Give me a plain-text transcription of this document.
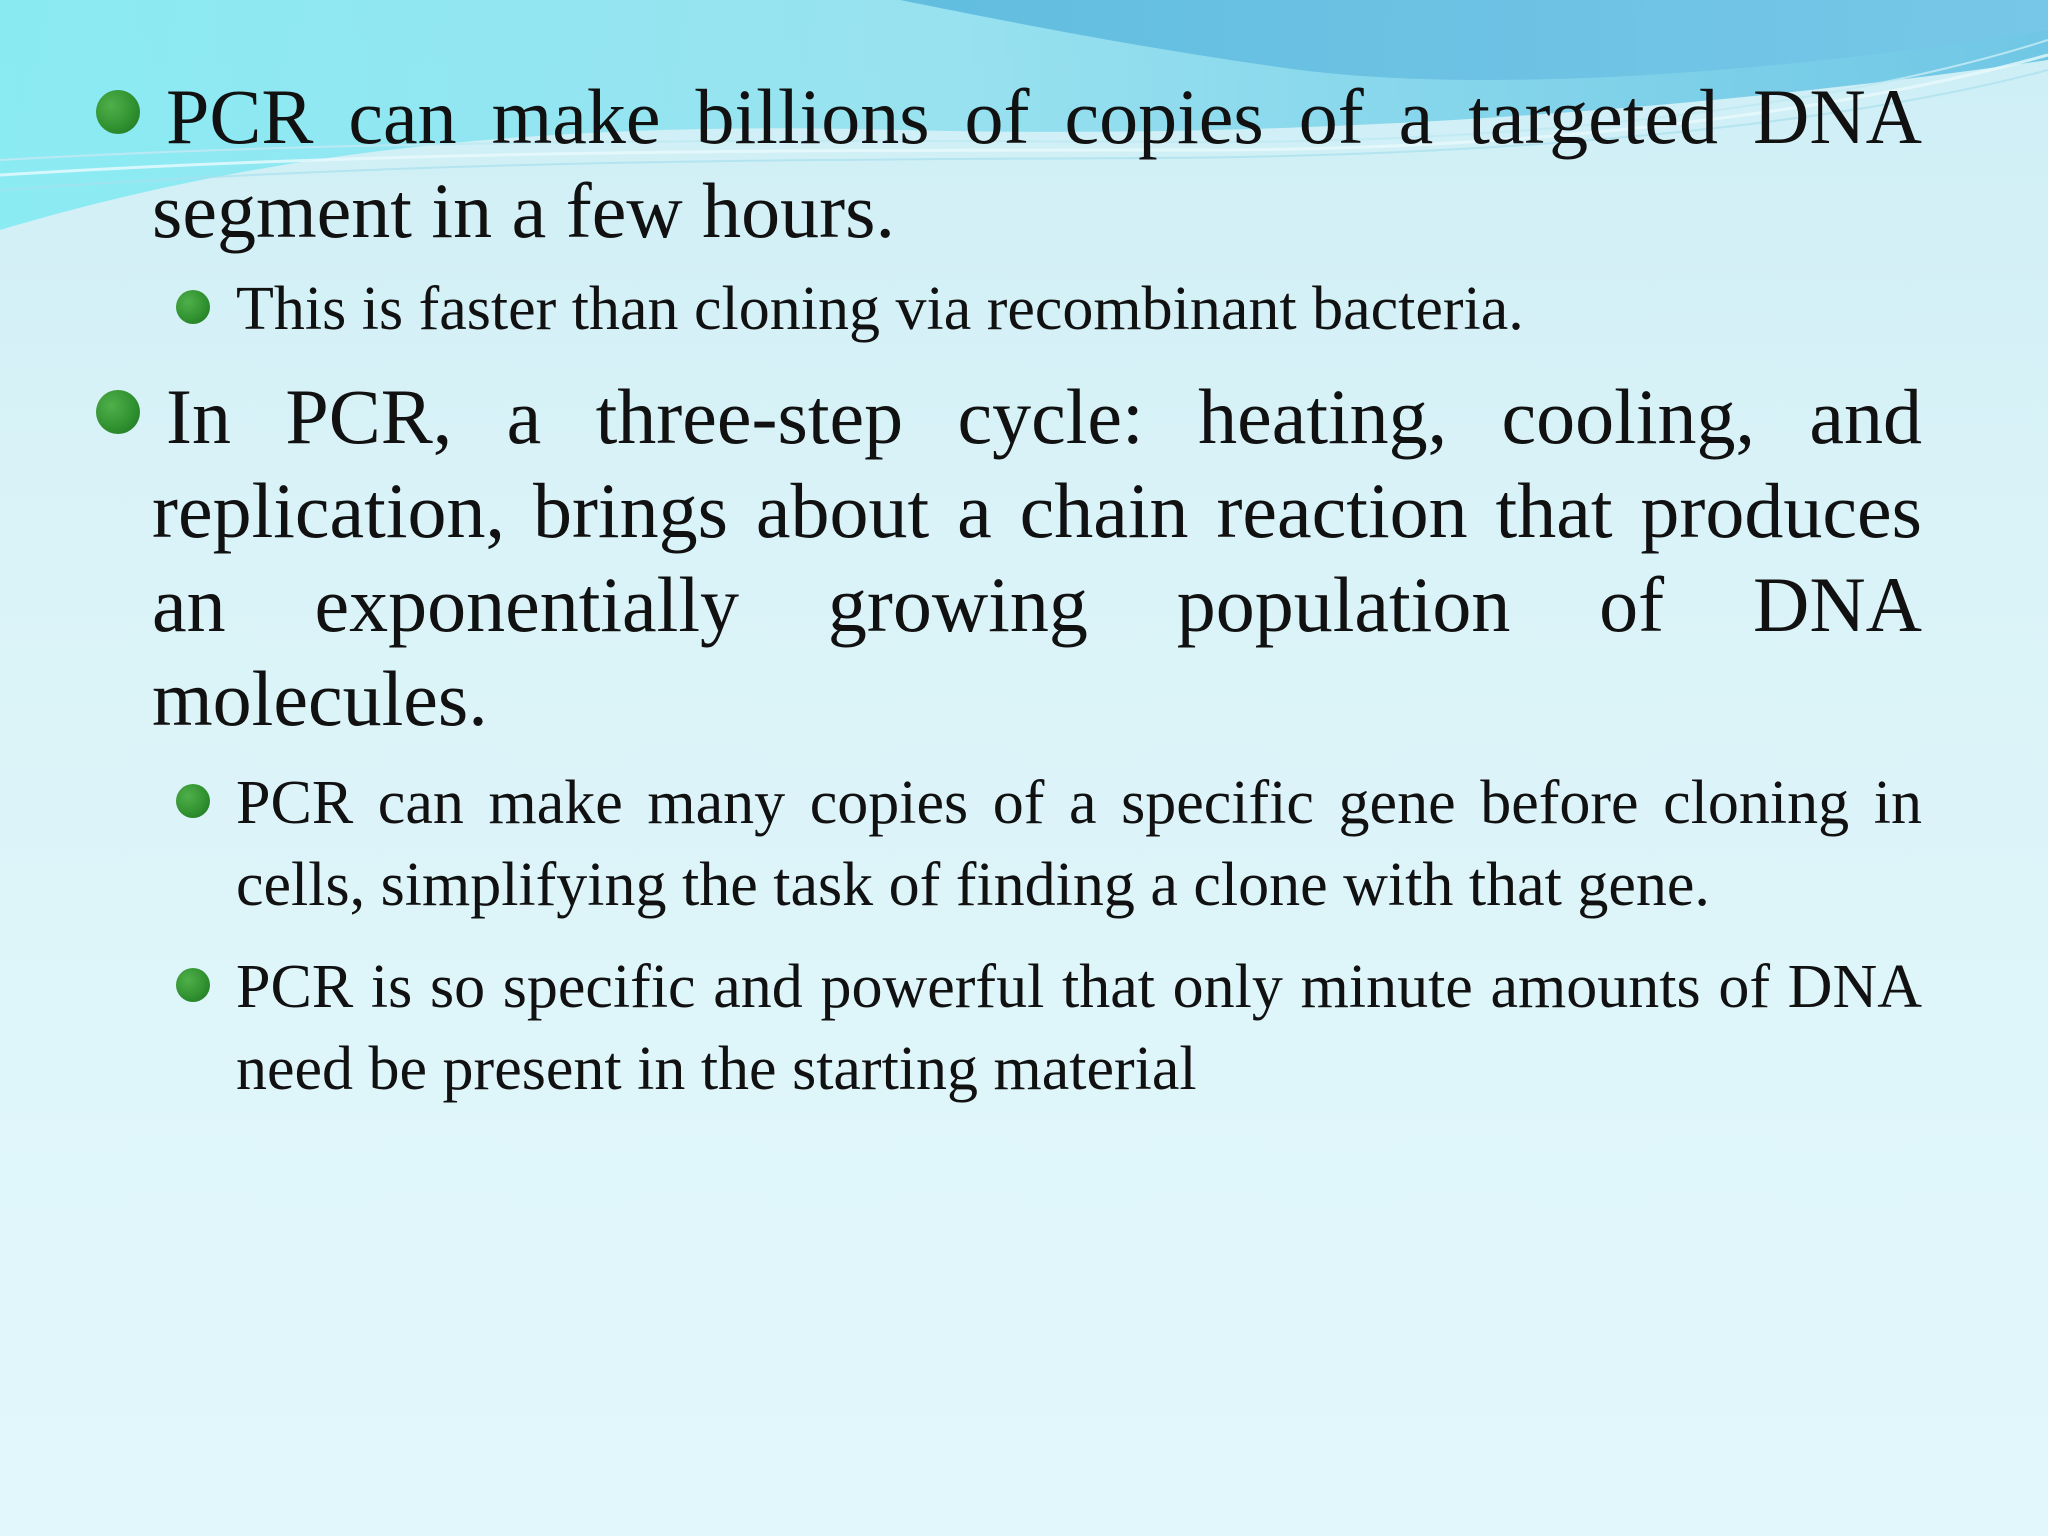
PCR can make billions of copies of a targeted DNA segment in a few hours.
This is faster than cloning via recombinant bacteria.
In PCR, a three-step cycle: heating, cooling, and replication, brings about a chain reaction that produces an exponentially growing population of DNA molecules.
PCR can make many copies of a specific gene before cloning in cells, simplifying the task of finding a clone with that gene.
PCR is so specific and powerful that only minute amounts of DNA need be present in the starting material
